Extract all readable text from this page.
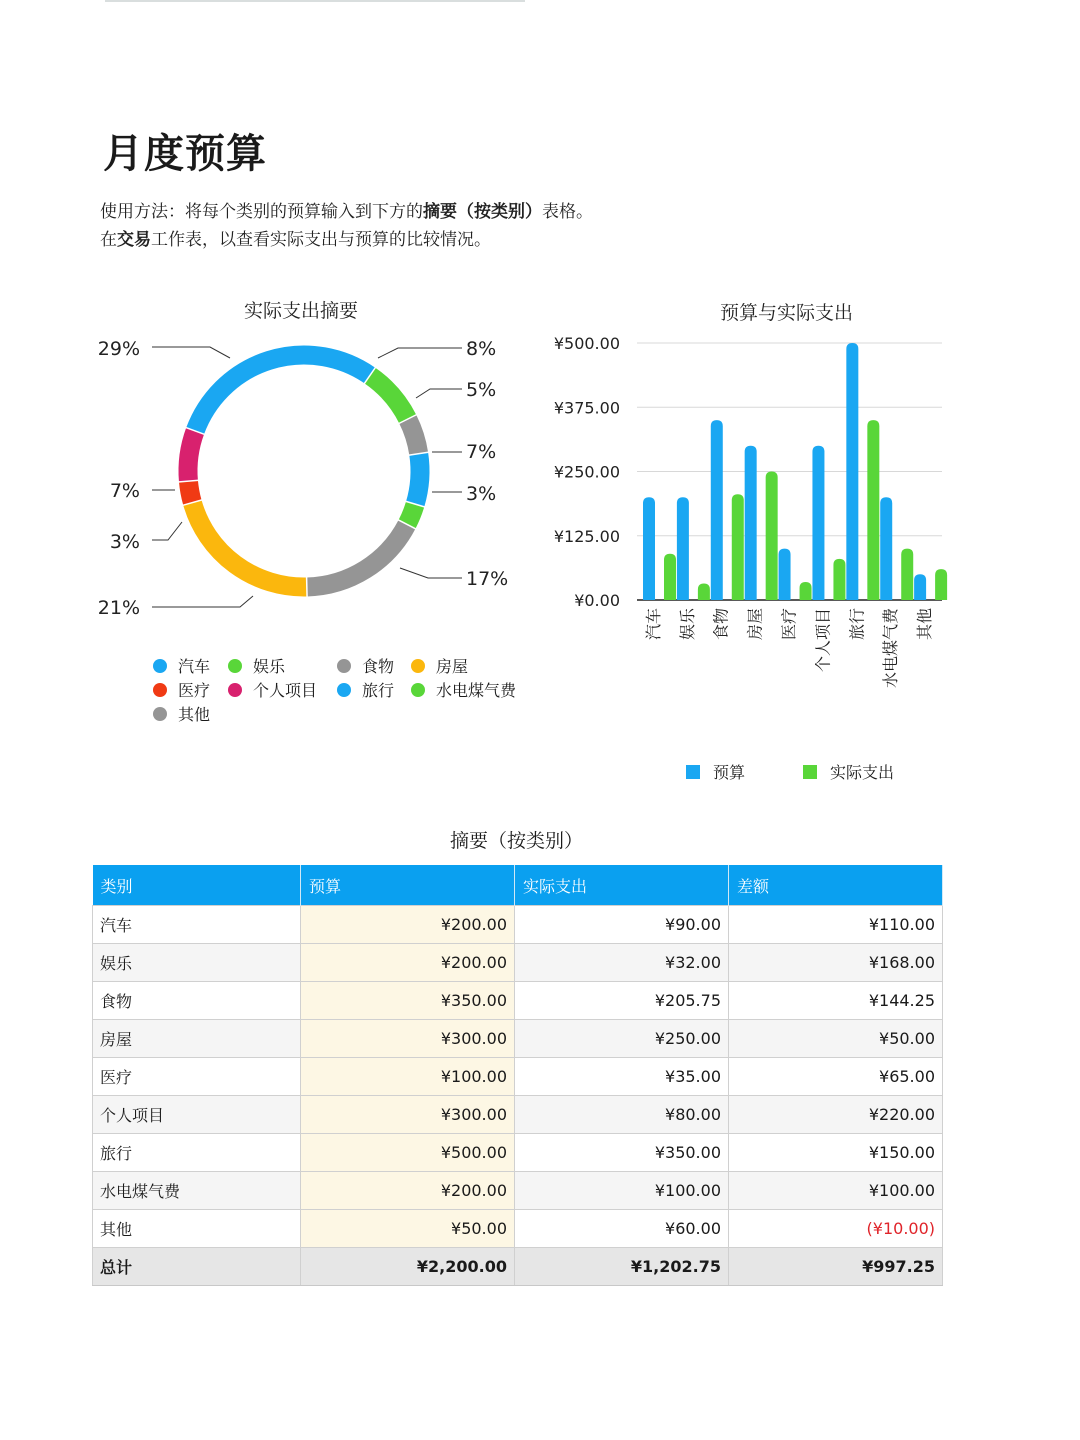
月度预算
使用方法：将每个类别的预算输入到下方的摘要（按类别）表格。
在交易工作表，以查看实际支出与预算的比较情况。
实际支出摘要	预算与实际支出
7%
3%
17%
21%
3%
7%
29%	8%
5%
¥0.00
¥125.00
¥250.00
¥375.00
¥500.00
汽车 娱乐 食物 房屋 医疗 个人项目 旅行 水电煤气费 其他
汽车	娱乐	食物	房屋
医疗	个人项目	旅行	水电煤气费
其他
预算	实际支出
摘要（按类别）
类别	预算	实际支出	差额
汽车	¥200.00	¥90.00	¥110.00
娱乐	¥200.00	¥32.00	¥168.00
食物	¥350.00	¥205.75	¥144.25
房屋	¥300.00	¥250.00	¥50.00
医疗	¥100.00	¥35.00	¥65.00
个人项目	¥300.00	¥80.00	¥220.00
旅行	¥500.00	¥350.00	¥150.00
水电煤气费	¥200.00	¥100.00	¥100.00
其他	¥50.00	¥60.00	(¥10.00)
总计	¥2,200.00	¥1,202.75	¥997.25
